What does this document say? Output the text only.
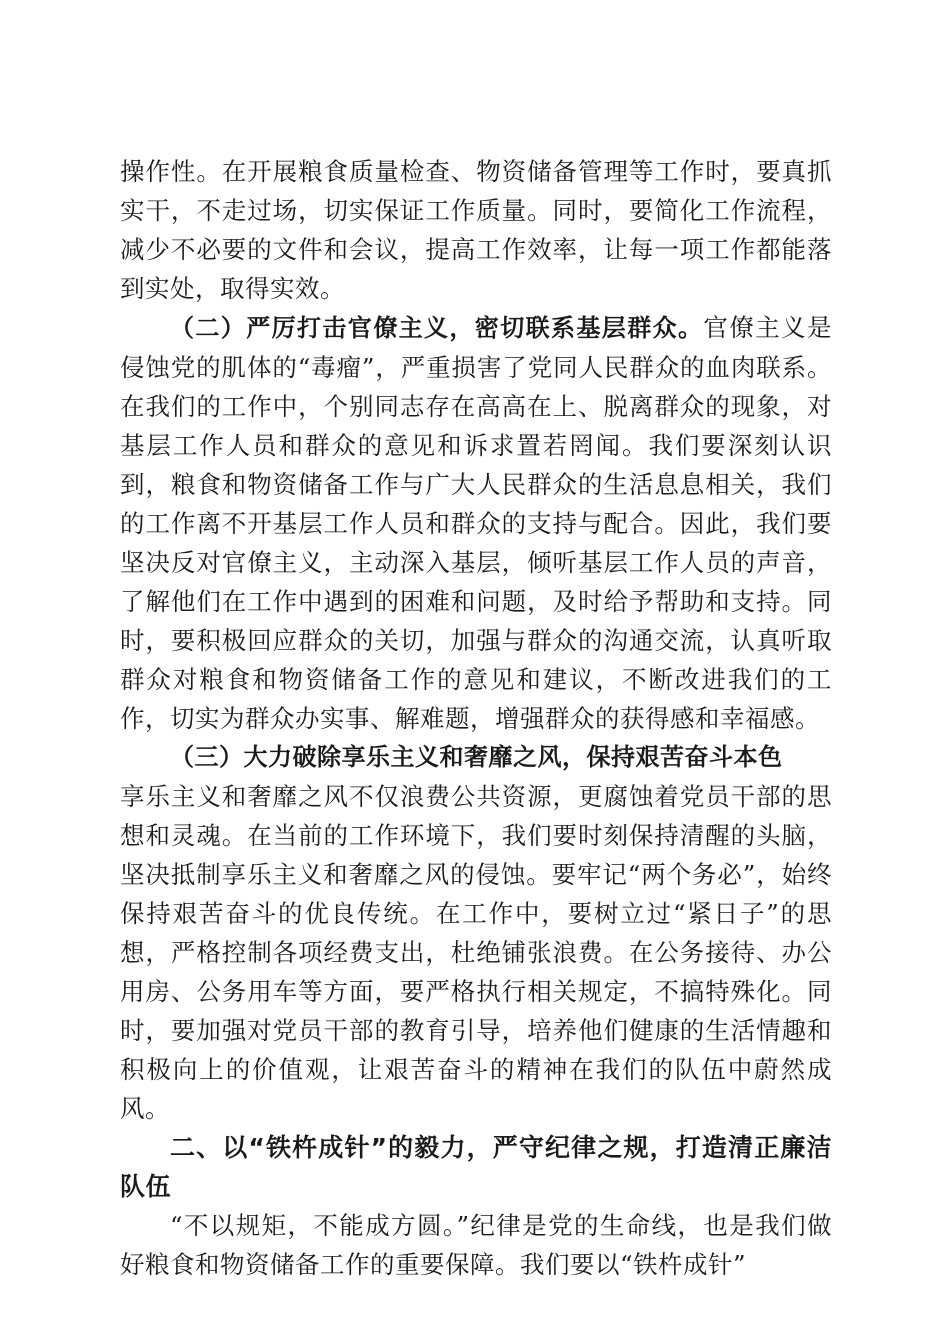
操作性。在开展粮食质量检查、物资储备管理等工作时，要真抓实干，不走过场，切实保证工作质量。同时，要简化工作流程，减少不必要的文件和会议，提高工作效率，让每一项工作都能落到实处，取得实效。

（二）严厉打击官僚主义，密切联系基层群众。官僚主义是侵蚀党的肌体的“毒瘤”，严重损害了党同人民群众的血肉联系。在我们的工作中，个别同志存在高高在上、脱离群众的现象，对基层工作人员和群众的意见和诉求置若罔闻。我们要深刻认识到，粮食和物资储备工作与广大人民群众的生活息息相关，我们的工作离不开基层工作人员和群众的支持与配合。因此，我们要坚决反对官僚主义，主动深入基层，倾听基层工作人员的声音，了解他们在工作中遇到的困难和问题，及时给予帮助和支持。同时，要积极回应群众的关切，加强与群众的沟通交流，认真听取群众对粮食和物资储备工作的意见和建议，不断改进我们的工作，切实为群众办实事、解难题，增强群众的获得感和幸福感。

（三）大力破除享乐主义和奢靡之风，保持艰苦奋斗本色

享乐主义和奢靡之风不仅浪费公共资源，更腐蚀着党员干部的思想和灵魂。在当前的工作环境下，我们要时刻保持清醒的头脑，坚决抵制享乐主义和奢靡之风的侵蚀。要牢记“两个务必”，始终保持艰苦奋斗的优良传统。在工作中，要树立过“紧日子”的思想，严格控制各项经费支出，杜绝铺张浪费。在公务接待、办公用房、公务用车等方面，要严格执行相关规定，不搞特殊化。同时，要加强对党员干部的教育引导，培养他们健康的生活情趣和积极向上的价值观，让艰苦奋斗的精神在我们的队伍中蔚然成风。

二、以“铁杵成针”的毅力，严守纪律之规，打造清正廉洁队伍

“不以规矩，不能成方圆。”纪律是党的生命线，也是我们做好粮食和物资储备工作的重要保障。我们要以“铁杵成针”
